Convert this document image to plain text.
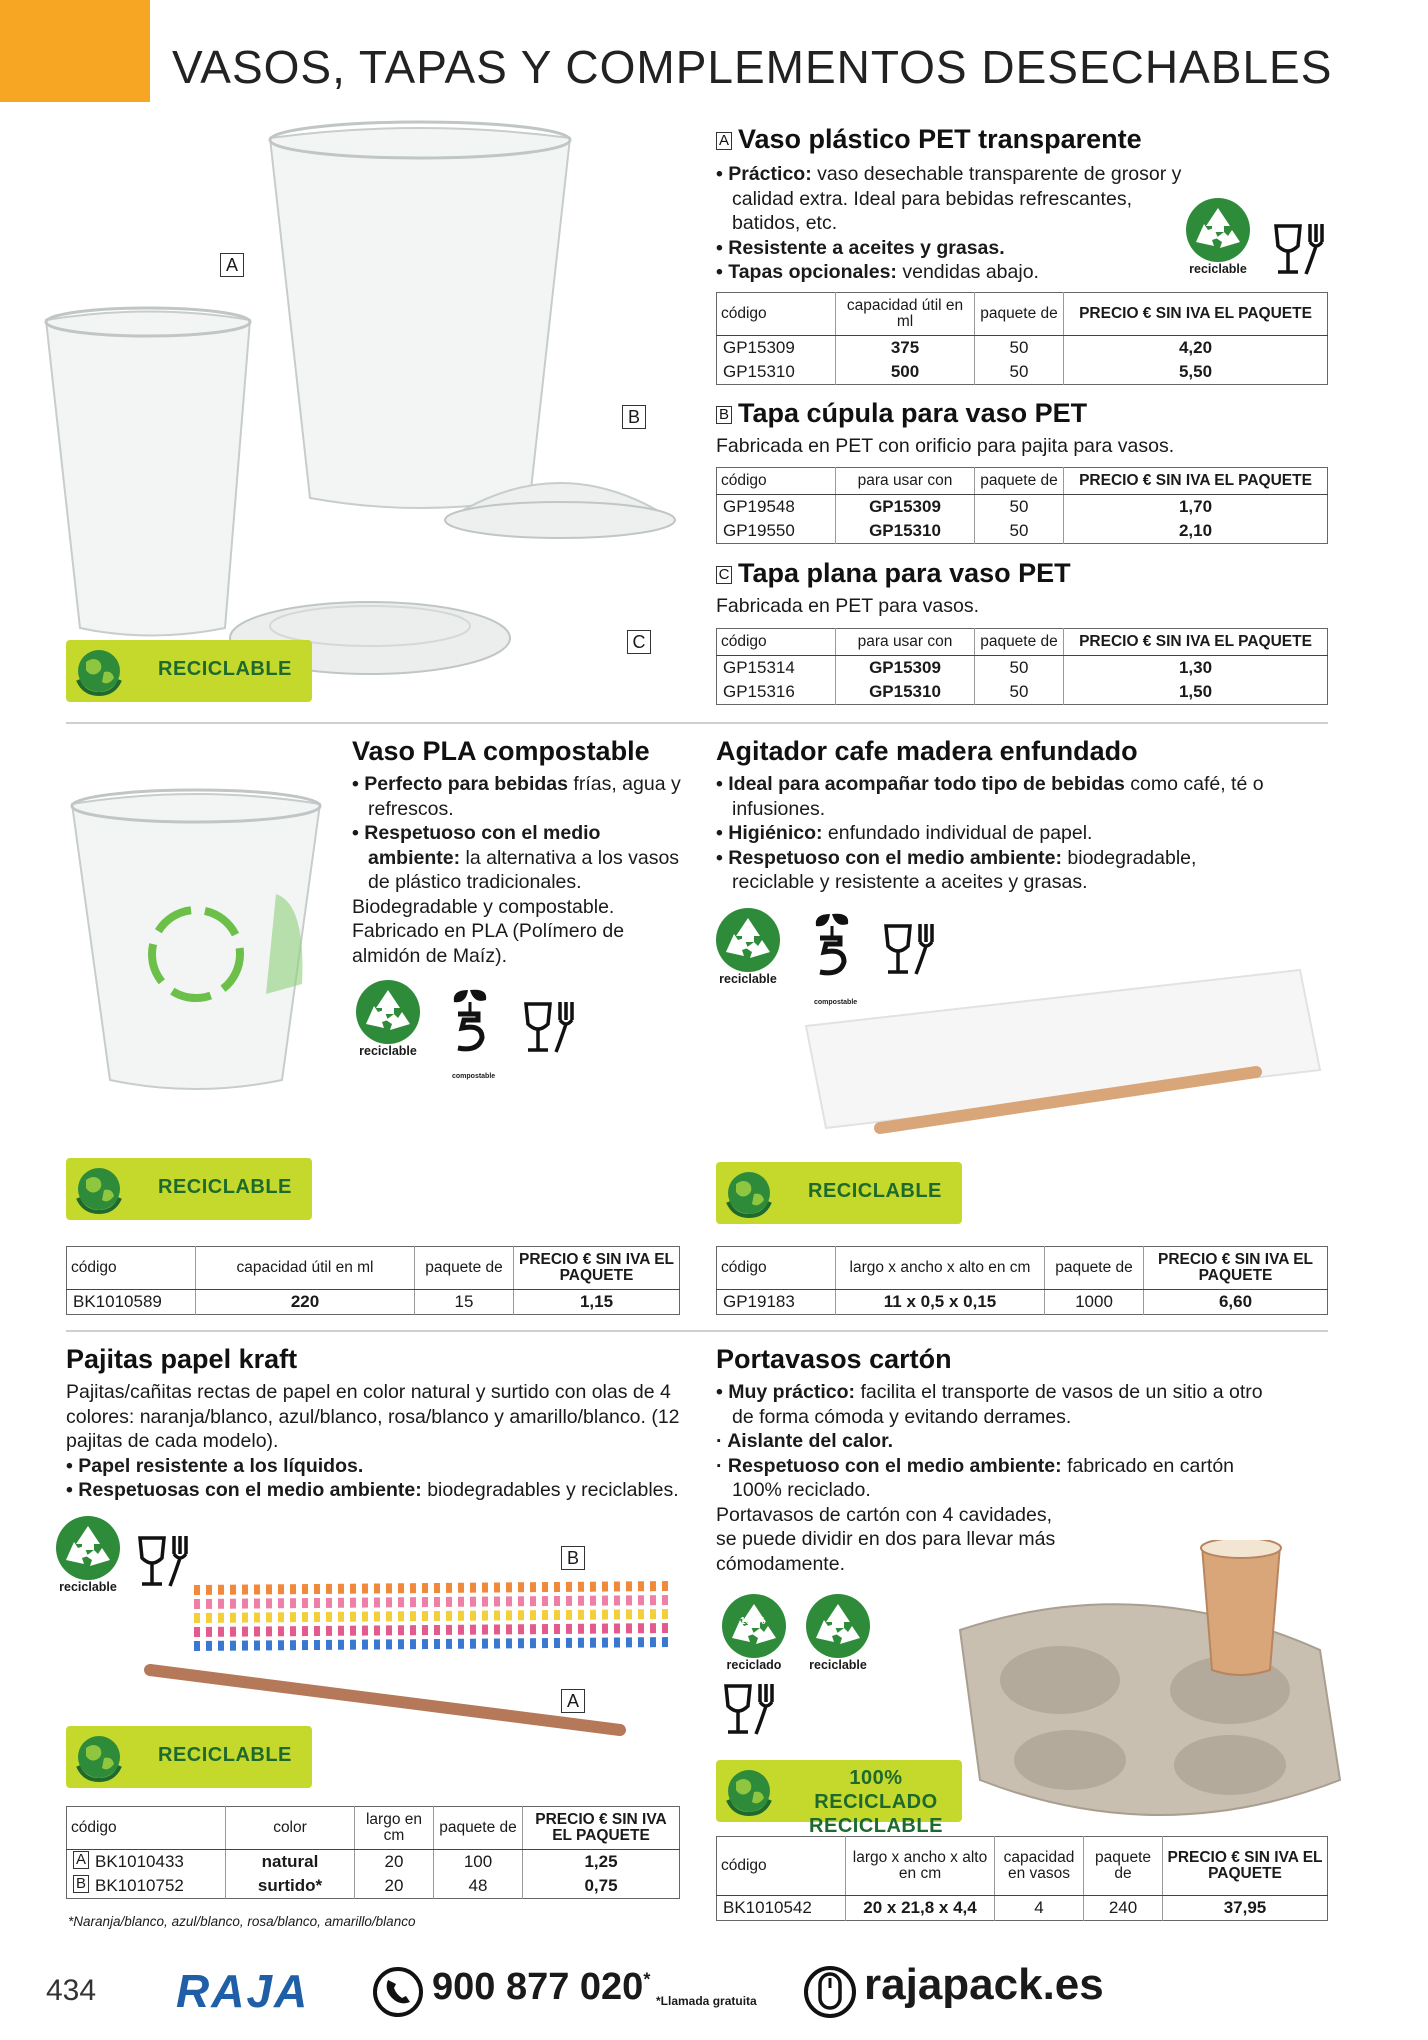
VASOS, TAPAS Y COMPLEMENTOS DESECHABLES
A
B
C
RECICLABLE
A Vaso plástico PET transparente
• Práctico: vaso desechable transparente de grosor y calidad extra. Ideal para bebidas refrescantes, batidos, etc.
• Resistente a aceites y grasas.
• Tapas opcionales: vendidas abajo.	reciclable
código	capacidad útil en ml	paquete de	PRECIO € SIN IVA EL PAQUETE
GP15309	375	50	4,20
GP15310	500	50	5,50
B Tapa cúpula para vaso PET
Fabricada en PET con orificio para pajita para vasos.
código	para usar con	paquete de	PRECIO € SIN IVA EL PAQUETE
GP19548	GP15309	50	1,70
GP19550	GP15310	50	2,10
C Tapa plana para vaso PET
Fabricada en PET para vasos.
código	para usar con	paquete de	PRECIO € SIN IVA EL PAQUETE
GP15314	GP15309	50	1,30
GP15316	GP15310	50	1,50
Vaso PLA compostable
• Perfecto para bebidas frías, agua y refrescos.
• Respetuoso con el medio ambiente: la alternativa a los vasos de plástico tradicionales.
Biodegradable y compostable. Fabricado en PLA (Polímero de almidón de Maíz).
reciclable
compostable
RECICLABLE
código	capacidad útil en ml	paquete de	PRECIO € SIN IVA EL PAQUETE
BK1010589	220	15	1,15
Agitador cafe madera enfundado
• Ideal para acompañar todo tipo de bebidas como café, té o infusiones.
• Higiénico: enfundado individual de papel.
• Respetuoso con el medio ambiente: biodegradable, reciclable y resistente a aceites y grasas.
reciclable
compostable
RECICLABLE
código	largo x ancho x alto en cm	paquete de	PRECIO € SIN IVA EL PAQUETE
GP19183	11 x 0,5 x 0,15	1000	6,60
Pajitas papel kraft
Pajitas/cañitas rectas de papel en color natural y surtido con olas de 4 colores: naranja/blanco, azul/blanco, rosa/blanco y amarillo/blanco. (12 pajitas de cada modelo).
• Papel resistente a los líquidos.
• Respetuosas con el medio ambiente: biodegradables y reciclables.
reciclable
B
A
RECICLABLE
código	color	largo en cm	paquete de	PRECIO € SIN IVA EL PAQUETE
A BK1010433	natural	20	100	1,25
B BK1010752	surtido*	20	48	0,75
*Naranja/blanco, azul/blanco, rosa/blanco, amarillo/blanco
Portavasos cartón
• Muy práctico: facilita el transporte de vasos de un sitio a otro de forma cómoda y evitando derrames.
· Aislante del calor.
· Respetuoso con el medio ambiente: fabricado en cartón 100% reciclado.
Portavasos de cartón con 4 cavidades, se puede dividir en dos para llevar más cómodamente.
100%
reciclado	reciclable
100% RECICLADO
RECICLABLE
código	largo x ancho x alto en cm	capacidad en vasos	paquete de	PRECIO € SIN IVA EL PAQUETE
BK1010542	20 x 21,8 x 4,4	4	240	37,95
434 RAJA	900 877 020*
*Llamada gratuita rajapack.es
